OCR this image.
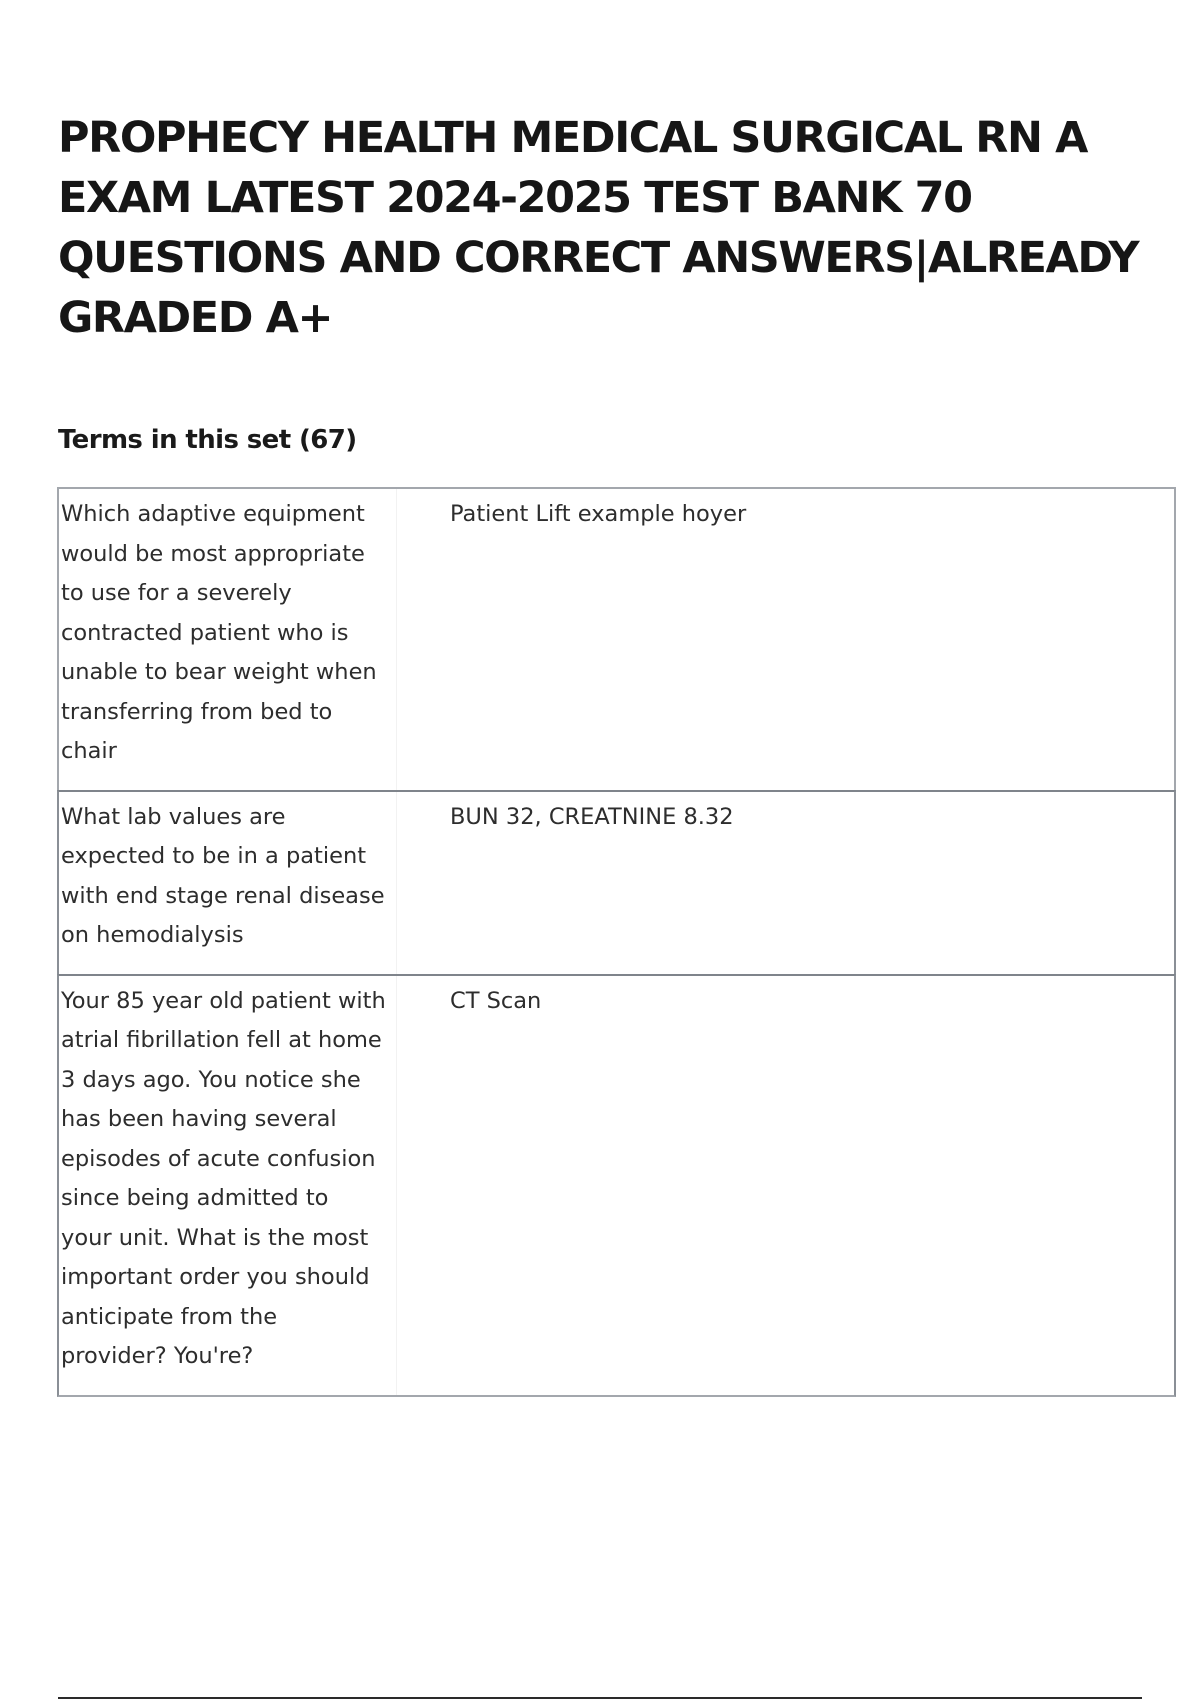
PROPHECY HEALTH MEDICAL SURGICAL RN A EXAM LATEST 2024-2025 TEST BANK 70 QUESTIONS AND CORRECT ANSWERS|ALREADY GRADED A+
Terms in this set (67)
Which adaptive equipment would be most appropriate to use for a severely contracted patient who is unable to bear weight when transferring from bed to chair
Patient Lift example hoyer
What lab values are expected to be in a patient with end stage renal disease on hemodialysis
BUN 32, CREATNINE 8.32
Your 85 year old patient with atrial fibrillation fell at home 3 days ago. You notice she has been having several episodes of acute confusion since being admitted to your unit. What is the most important order you should anticipate from the provider? You're?
CT Scan
